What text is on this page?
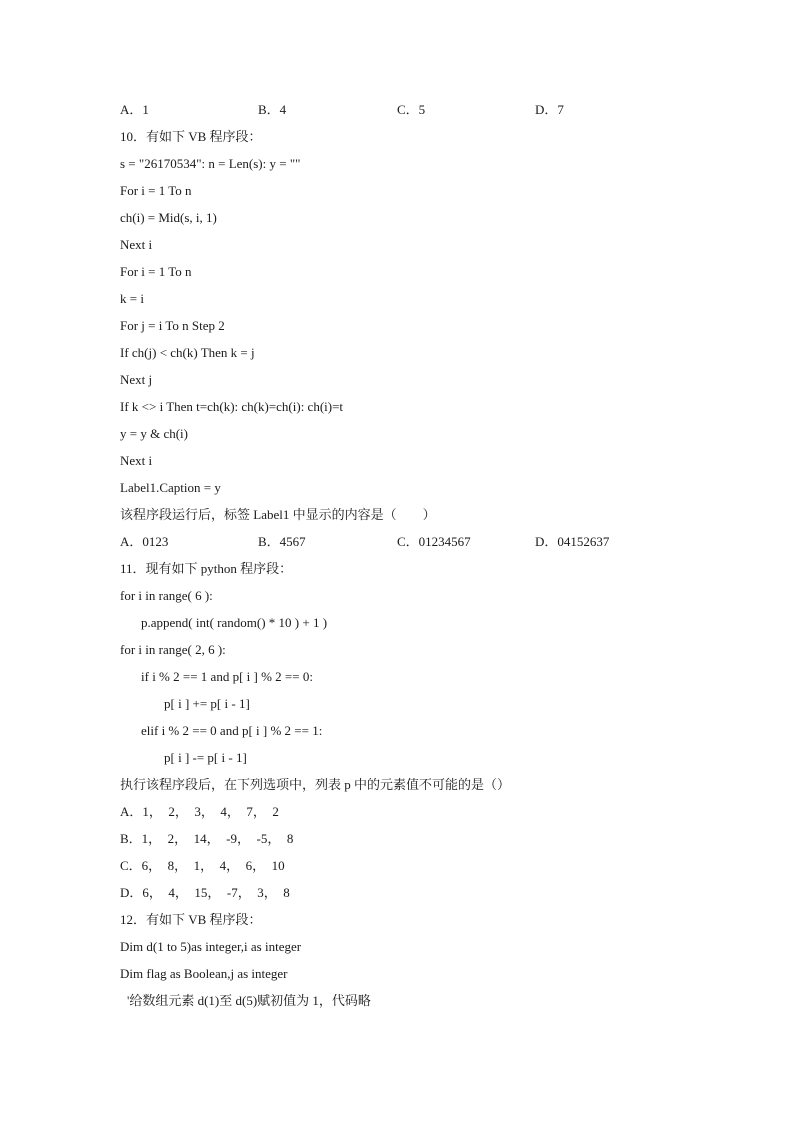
A．1	B．4	C．5	D．7
10．有如下 VB 程序段：
s = "26170534": n = Len(s): y = ""
For i = 1 To n
ch(i) = Mid(s, i, 1)
Next i
For i = 1 To n
k = i
For j = i To n Step 2
If ch(j) < ch(k) Then k = j
Next j
If k <> i Then t=ch(k): ch(k)=ch(i): ch(i)=t
y = y & ch(i)
Next i
Label1.Caption = y
该程序段运行后，标签 Label1 中显示的内容是（　　）
A．0123	B．4567	C．01234567	D．04152637
11．现有如下 python 程序段：
for i in range( 6 ):
p.append( int( random() * 10 ) + 1 )
for i in range( 2, 6 ):
if i % 2 == 1 and p[ i ] % 2 == 0:
p[ i ] += p[ i - 1]
elif i % 2 == 0 and p[ i ] % 2 == 1:
p[ i ] -= p[ i - 1]
执行该程序段后，在下列选项中，列表 p 中的元素值不可能的是（）
A．1，　2，　3，　4，　7，　2
B．1，　2，　14，　-9，　-5，　8
C．6，　8，　1，　4，　6，　10
D．6，　4，　15，　-7，　3，　8
12．有如下 VB 程序段：
Dim d(1 to 5)as integer,i as integer
Dim flag as Boolean,j as integer
'给数组元素 d(1)至 d(5)赋初值为 1，代码略
